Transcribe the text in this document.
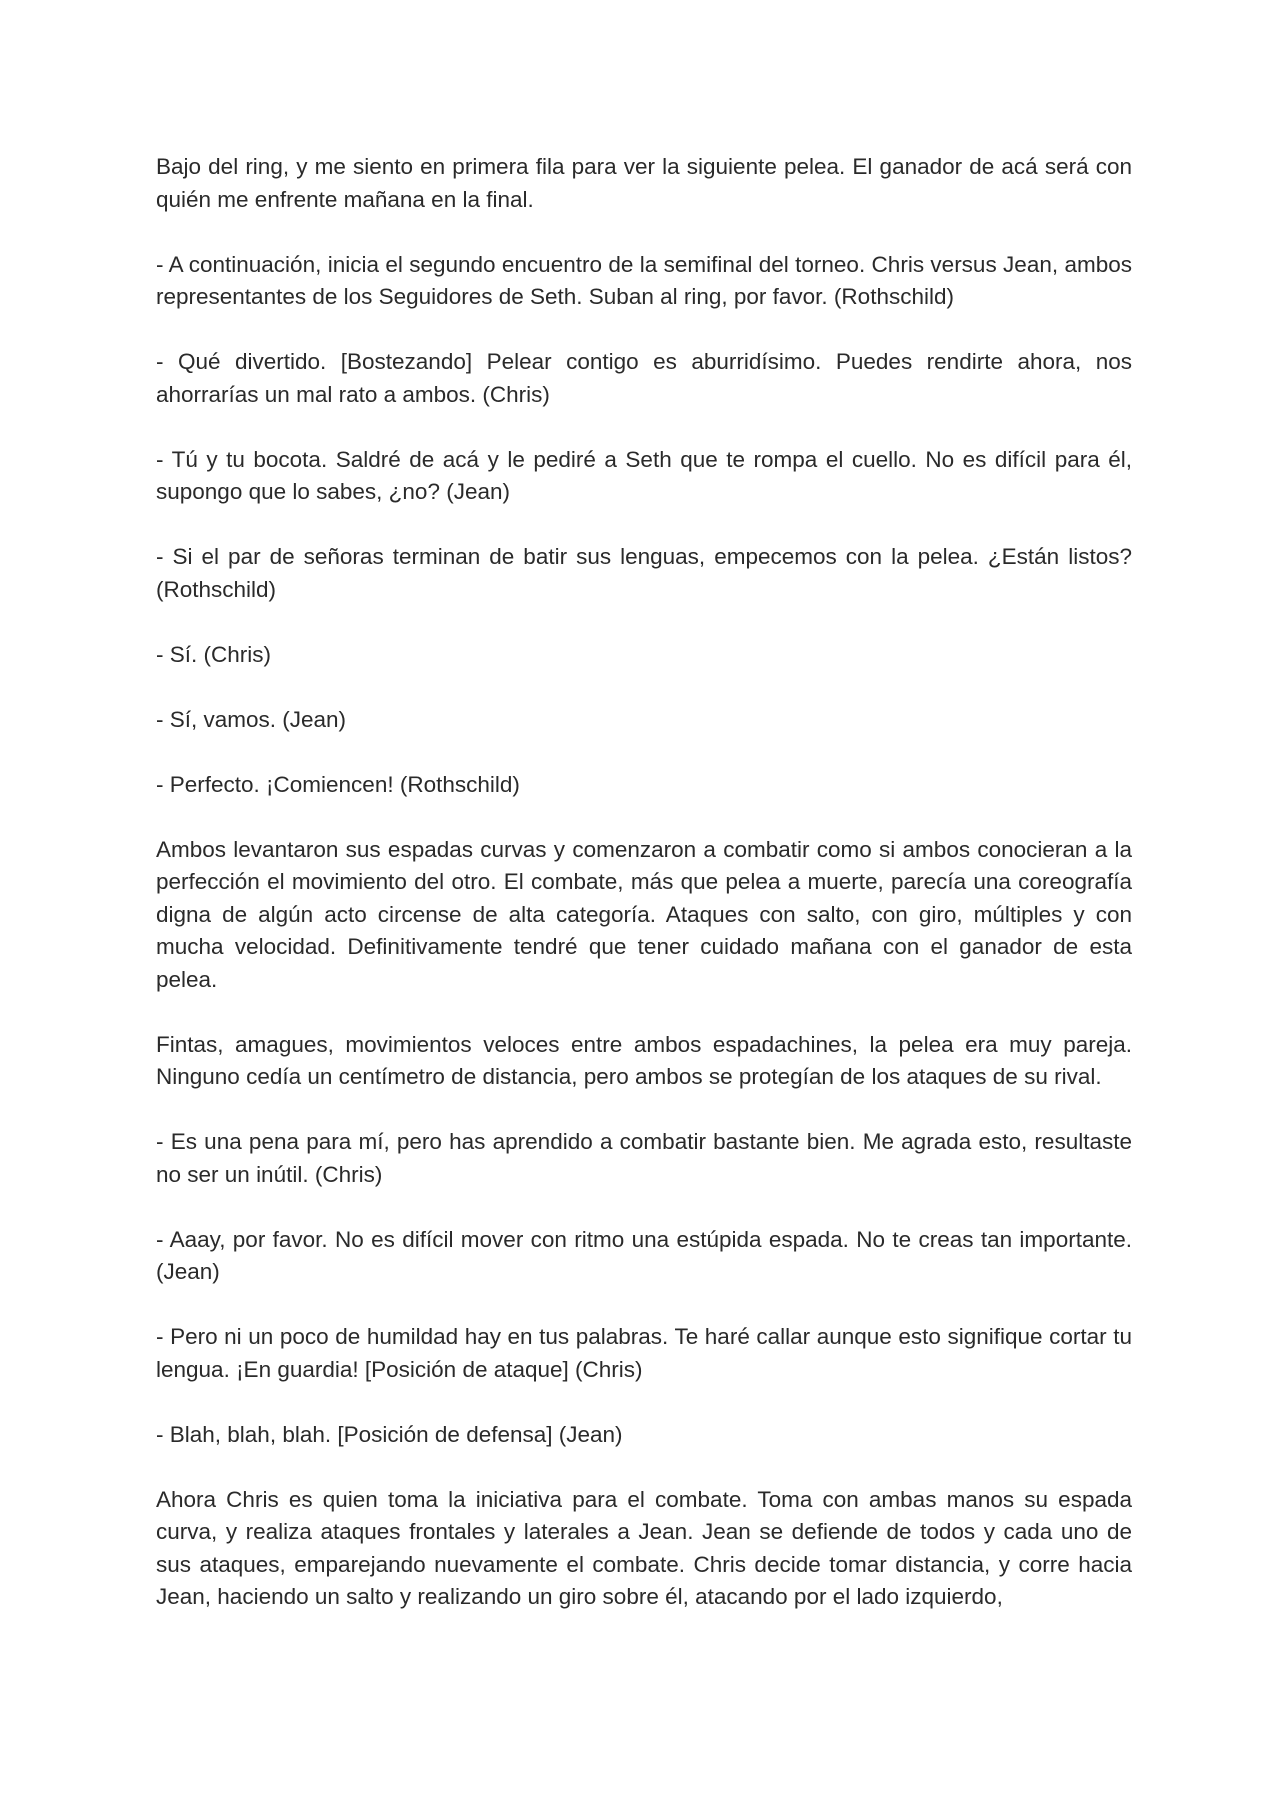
Bajo del ring, y me siento en primera fila para ver la siguiente pelea. El ganador de acá será con quién me enfrente mañana en la final.

- A continuación, inicia el segundo encuentro de la semifinal del torneo. Chris versus Jean, ambos representantes de los Seguidores de Seth. Suban al ring, por favor. (Rothschild)

- Qué divertido. [Bostezando] Pelear contigo es aburridísimo. Puedes rendirte ahora, nos ahorrarías un mal rato a ambos. (Chris)

- Tú y tu bocota. Saldré de acá y le pediré a Seth que te rompa el cuello. No es difícil para él, supongo que lo sabes, ¿no? (Jean)

- Si el par de señoras terminan de batir sus lenguas, empecemos con la pelea. ¿Están listos? (Rothschild)

- Sí. (Chris)

- Sí, vamos. (Jean)

- Perfecto. ¡Comiencen! (Rothschild)

Ambos levantaron sus espadas curvas y comenzaron a combatir como si ambos conocieran a la perfección el movimiento del otro. El combate, más que pelea a muerte, parecía una coreografía digna de algún acto circense de alta categoría. Ataques con salto, con giro, múltiples y con mucha velocidad. Definitivamente tendré que tener cuidado mañana con el ganador de esta pelea.

Fintas, amagues, movimientos veloces entre ambos espadachines, la pelea era muy pareja. Ninguno cedía un centímetro de distancia, pero ambos se protegían de los ataques de su rival.

- Es una pena para mí, pero has aprendido a combatir bastante bien. Me agrada esto, resultaste no ser un inútil. (Chris)

- Aaay, por favor. No es difícil mover con ritmo una estúpida espada. No te creas tan importante. (Jean)

- Pero ni un poco de humildad hay en tus palabras. Te haré callar aunque esto signifique cortar tu lengua. ¡En guardia! [Posición de ataque] (Chris)

- Blah, blah, blah. [Posición de defensa] (Jean)

Ahora Chris es quien toma la iniciativa para el combate. Toma con ambas manos su espada curva, y realiza ataques frontales y laterales a Jean. Jean se defiende de todos y cada uno de sus ataques, emparejando nuevamente el combate. Chris decide tomar distancia, y corre hacia Jean, haciendo un salto y realizando un giro sobre él, atacando por el lado izquierdo,
